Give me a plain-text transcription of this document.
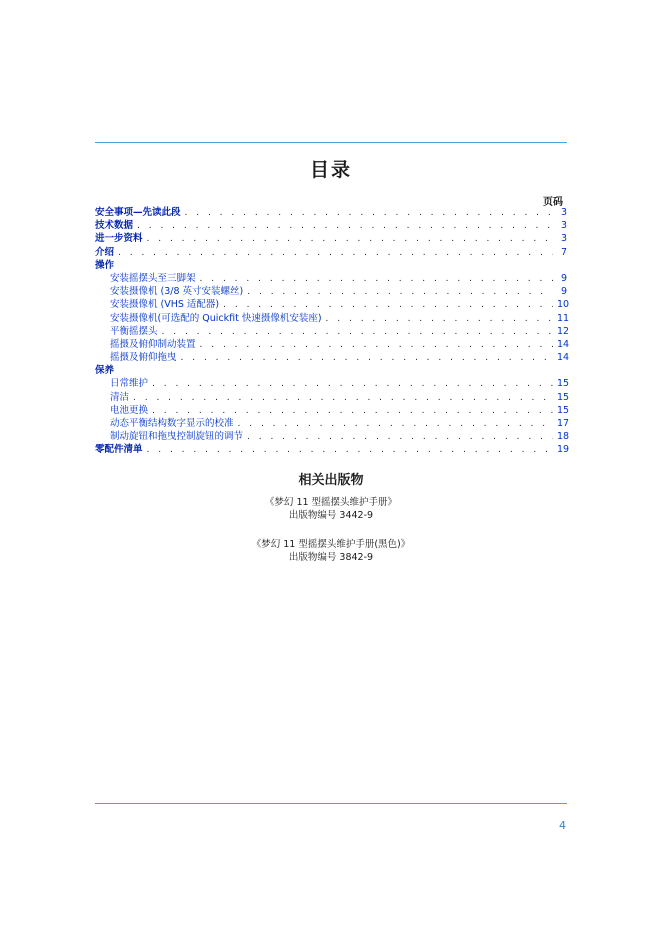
目录
页码
安全事项—先读此段 . . .	3
技术数据 . . .	3
进一步资料 . . .	3
介绍 . . .	7
操作
安装摇摆头至三脚架 . . .	9
安装摄像机 (3/8 英寸安装螺丝) . . .	9
安装摄像机 (VHS 适配器) . . .	10
安装摄像机(可选配的 Quickfit 快速摄像机安装座) . . .	11
平衡摇摆头 . . .	12
摇摄及俯仰制动装置 . . .	14
摇摄及俯仰拖曳 . . .	14
保养
日常维护 . . .	15
清洁 . . .	15
电池更换 . . .	15
动态平衡结构数字显示的校准 . . .	17
制动旋钮和拖曳控制旋钮的调节 . . .	18
零配件清单 . . .	19
相关出版物
《梦幻 11 型摇摆头维护手册》
出版物编号 3442-9
《梦幻 11 型摇摆头维护手册(黑色)》
出版物编号 3842-9
4
